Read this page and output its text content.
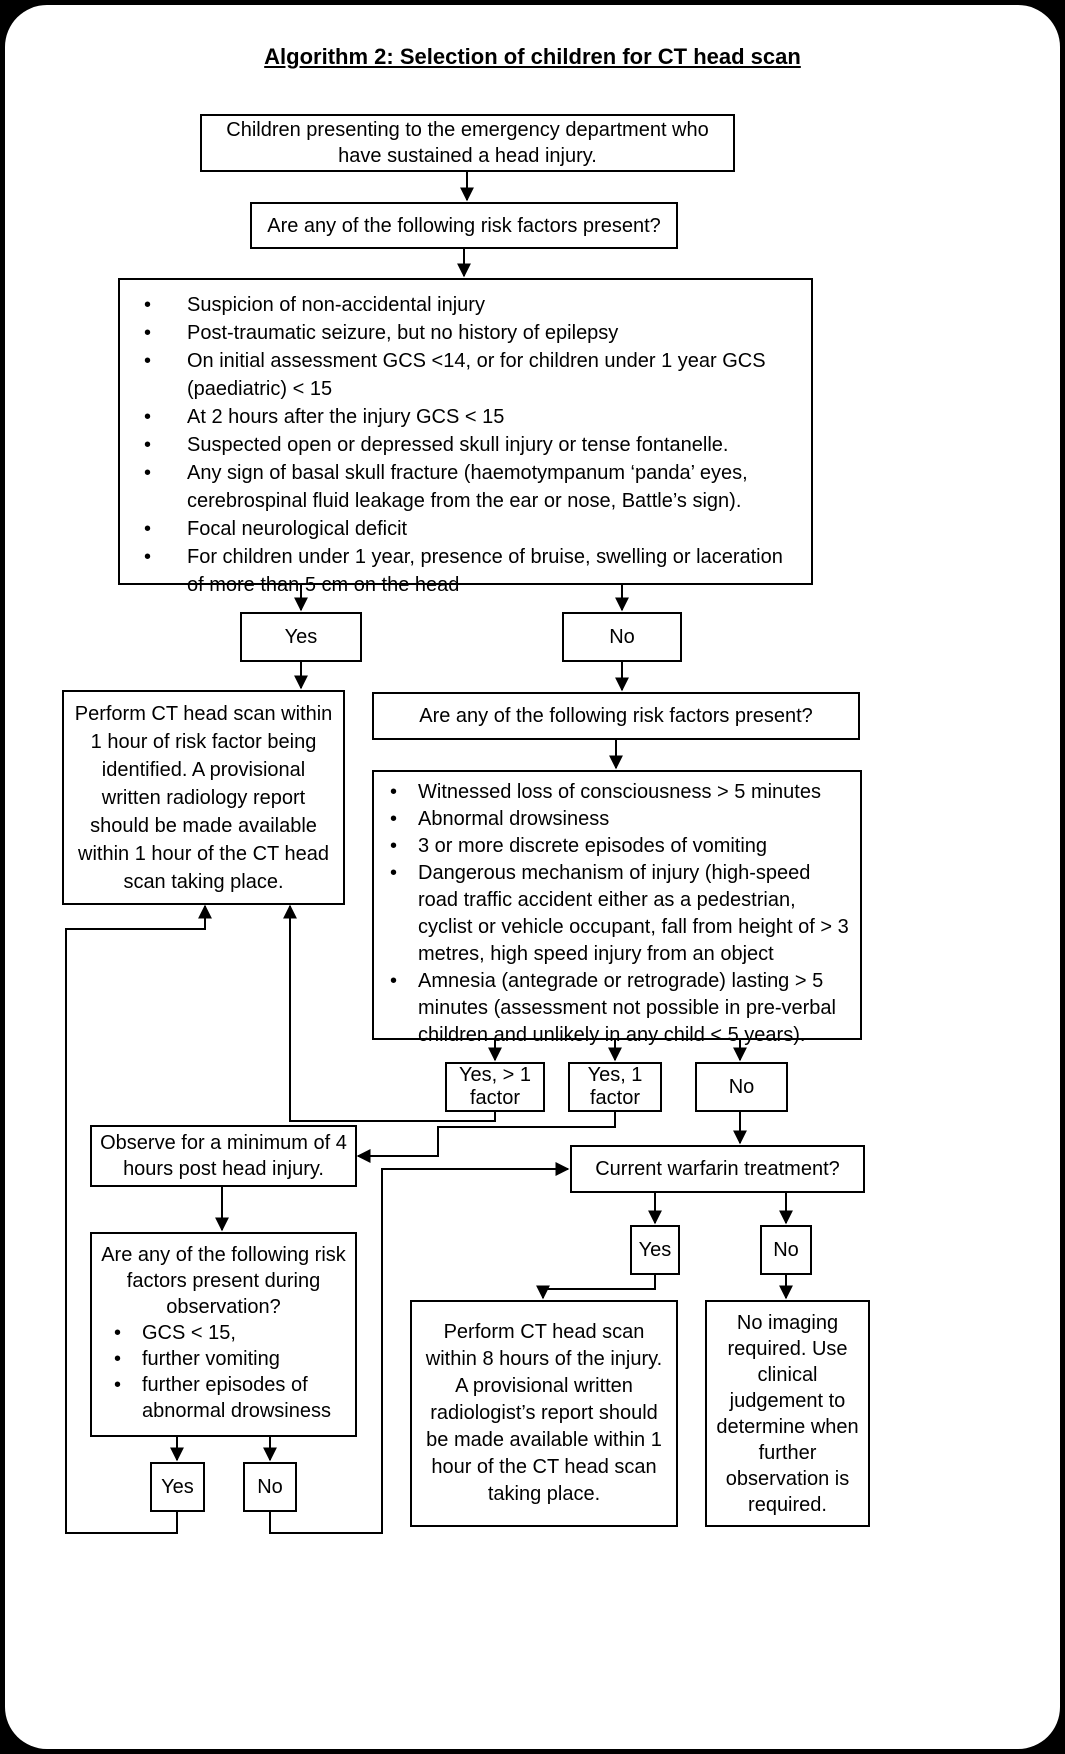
Algorithm 2: Selection of children for CT head scan
Children presenting to the emergency department who have sustained a head injury.
Are any of the following risk factors present?
• Suspicion of non-accidental injury
• Post-traumatic seizure, but no history of epilepsy
• On initial assessment GCS <14, or for children under 1 year GCS (paediatric) < 15
• At 2 hours after the injury GCS < 15
• Suspected open or depressed skull injury or tense fontanelle.
• Any sign of basal skull fracture (haemotympanum ‘panda’ eyes, cerebrospinal fluid leakage from the ear or nose, Battle’s sign).
• Focal neurological deficit
• For children under 1 year, presence of bruise, swelling or laceration of more than 5 cm on the head
Yes	No
Perform CT head scan within 1 hour of risk factor being identified. A provisional written radiology report should be made available within 1 hour of the CT head scan taking place.
Are any of the following risk factors present?
• Witnessed loss of consciousness > 5 minutes
• Abnormal drowsiness
• 3 or more discrete episodes of vomiting
• Dangerous mechanism of injury (high-speed road traffic accident either as a pedestrian, cyclist or vehicle occupant, fall from height of > 3 metres, high speed injury from an object
• Amnesia (antegrade or retrograde) lasting > 5 minutes (assessment not possible in pre-verbal children and unlikely in any child < 5 years).
Yes, > 1 factor
Yes, 1 factor	No
Observe for a minimum of 4 hours post head injury.	Current warfarin treatment?
Are any of the following risk factors present during observation?
• GCS < 15,
• further vomiting
• further episodes of abnormal drowsiness
Yes	No
Perform CT head scan within 8 hours of the injury. A provisional written radiologist’s report should be made available within 1 hour of the CT head scan taking place.
No imaging required. Use clinical judgement to determine when further observation is required.
Yes	No
